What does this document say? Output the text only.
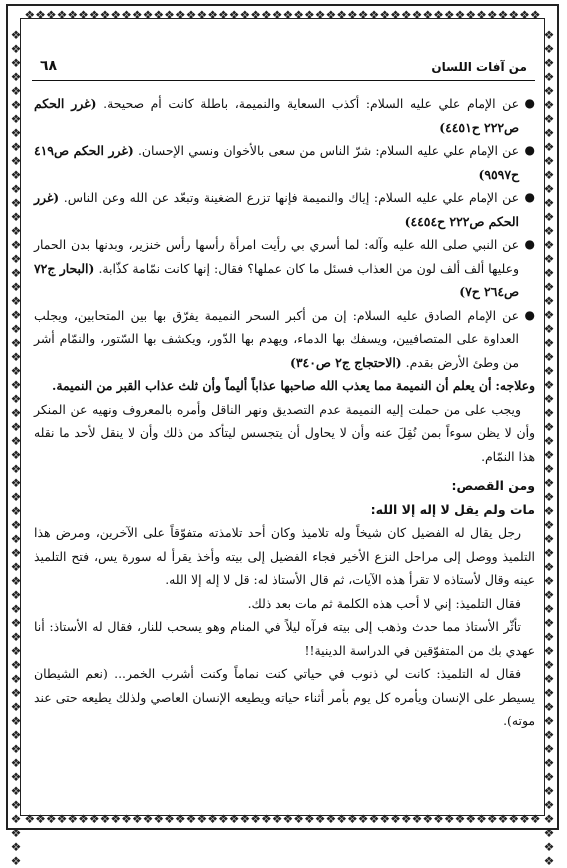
❖❖❖❖❖❖❖❖❖❖❖❖❖❖❖❖❖❖❖❖❖❖❖❖❖❖❖❖❖❖❖❖❖❖❖❖❖❖❖❖❖❖❖❖❖❖❖❖
❖❖❖❖❖❖❖❖❖❖❖❖❖❖❖❖❖❖❖❖❖❖❖❖❖❖❖❖❖❖❖❖❖❖❖❖❖❖❖❖❖❖❖❖❖❖❖❖
❖❖❖❖❖❖❖❖❖❖❖❖❖❖❖❖❖❖❖❖❖❖❖❖❖❖❖❖❖❖❖❖❖❖❖❖❖❖❖❖❖❖❖❖❖❖❖❖❖❖❖❖❖❖❖❖❖❖❖❖
❖❖❖❖❖❖❖❖❖❖❖❖❖❖❖❖❖❖❖❖❖❖❖❖❖❖❖❖❖❖❖❖❖❖❖❖❖❖❖❖❖❖❖❖❖❖❖❖❖❖❖❖❖❖❖❖❖❖❖❖
من آفات اللسان
٦٨
●
عن الإمام علي عليه السلام: أكذب السعاية والنميمة، باطلة كانت أم صحيحة. (غرر الحكم ص٢٢٢ ح٤٤٥١)
●
عن الإمام علي عليه السلام: شرّ الناس من سعى بالأخوان ونسي الإحسان. (غرر الحكم ص٤١٩ ح٩٥٩٧)
●
عن الإمام علي عليه السلام: إياك والنميمة فإنها تزرع الضغينة وتبعّد عن الله وعن الناس. (غرر الحكم ص٢٢٢ ح٤٤٥٤)
●
عن النبي صلى الله عليه وآله: لما أسري بي رأيت امرأة رأسها رأس خنزير، وبدنها بدن الحمار وعليها ألف ألف لون من العذاب فسئل ما كان عملها؟ فقال: إنها كانت نمّامة كذّابة. (البحار ج٧٢ ص٢٦٤ ح٧)
●
عن الإمام الصادق عليه السلام: إن من أكبر السحر النميمة يفرّق بها بين المتحابين، ويجلب العداوة على المتصافيين، ويسفك بها الدماء، ويهدم بها الدّور، ويكشف بها السّتور، والنمّام أشر من وطئ الأرض بقدم. (الاحتجاج ج٢ ص٣٤٠)

وعلاجه: أن يعلم أن النميمة مما يعذب الله صاحبها عذاباً أليماً وأن ثلث عذاب القبر من النميمة.

ويجب على من حملت إليه النميمة عدم التصديق ونهر الناقل وأمره بالمعروف ونهيه عن المنكر وأن لا يظن سوءاً بمن نُقِلَ عنه وأن لا يحاول أن يتجسس ليتأكد من ذلك وأن لا ينقل لأحد ما نقله هذا النمّام.

ومن القصص:

مات ولم يقل لا إله إلا الله:

رجل يقال له الفضيل كان شيخاً وله تلاميذ وكان أحد تلامذته متفوّقاً على الآخرين، ومرض هذا التلميذ ووصل إلى مراحل النزع الأخير فجاء الفضيل إلى بيته وأخذ يقرأ له سورة يس، فتح التلميذ عينه وقال لأستاذه لا تقرأ هذه الآيات، ثم قال الأستاذ له: قل لا إله إلا الله.

فقال التلميذ: إني لا أحب هذه الكلمة ثم مات بعد ذلك.

تأثّر الأستاذ مما حدث وذهب إلى بيته فرآه ليلاً في المنام وهو يسحب للنار، فقال له الأستاذ: أنا عهدي بك من المتفوّقين في الدراسة الدينية!!

فقال له التلميذ: كانت لي ذنوب في حياتي كنت نماماً وكنت أشرب الخمر... (نعم الشيطان يسيطر على الإنسان ويأمره كل يوم بأمر أثناء حياته ويطيعه الإنسان العاصي ولذلك يطيعه حتى عند موته).
